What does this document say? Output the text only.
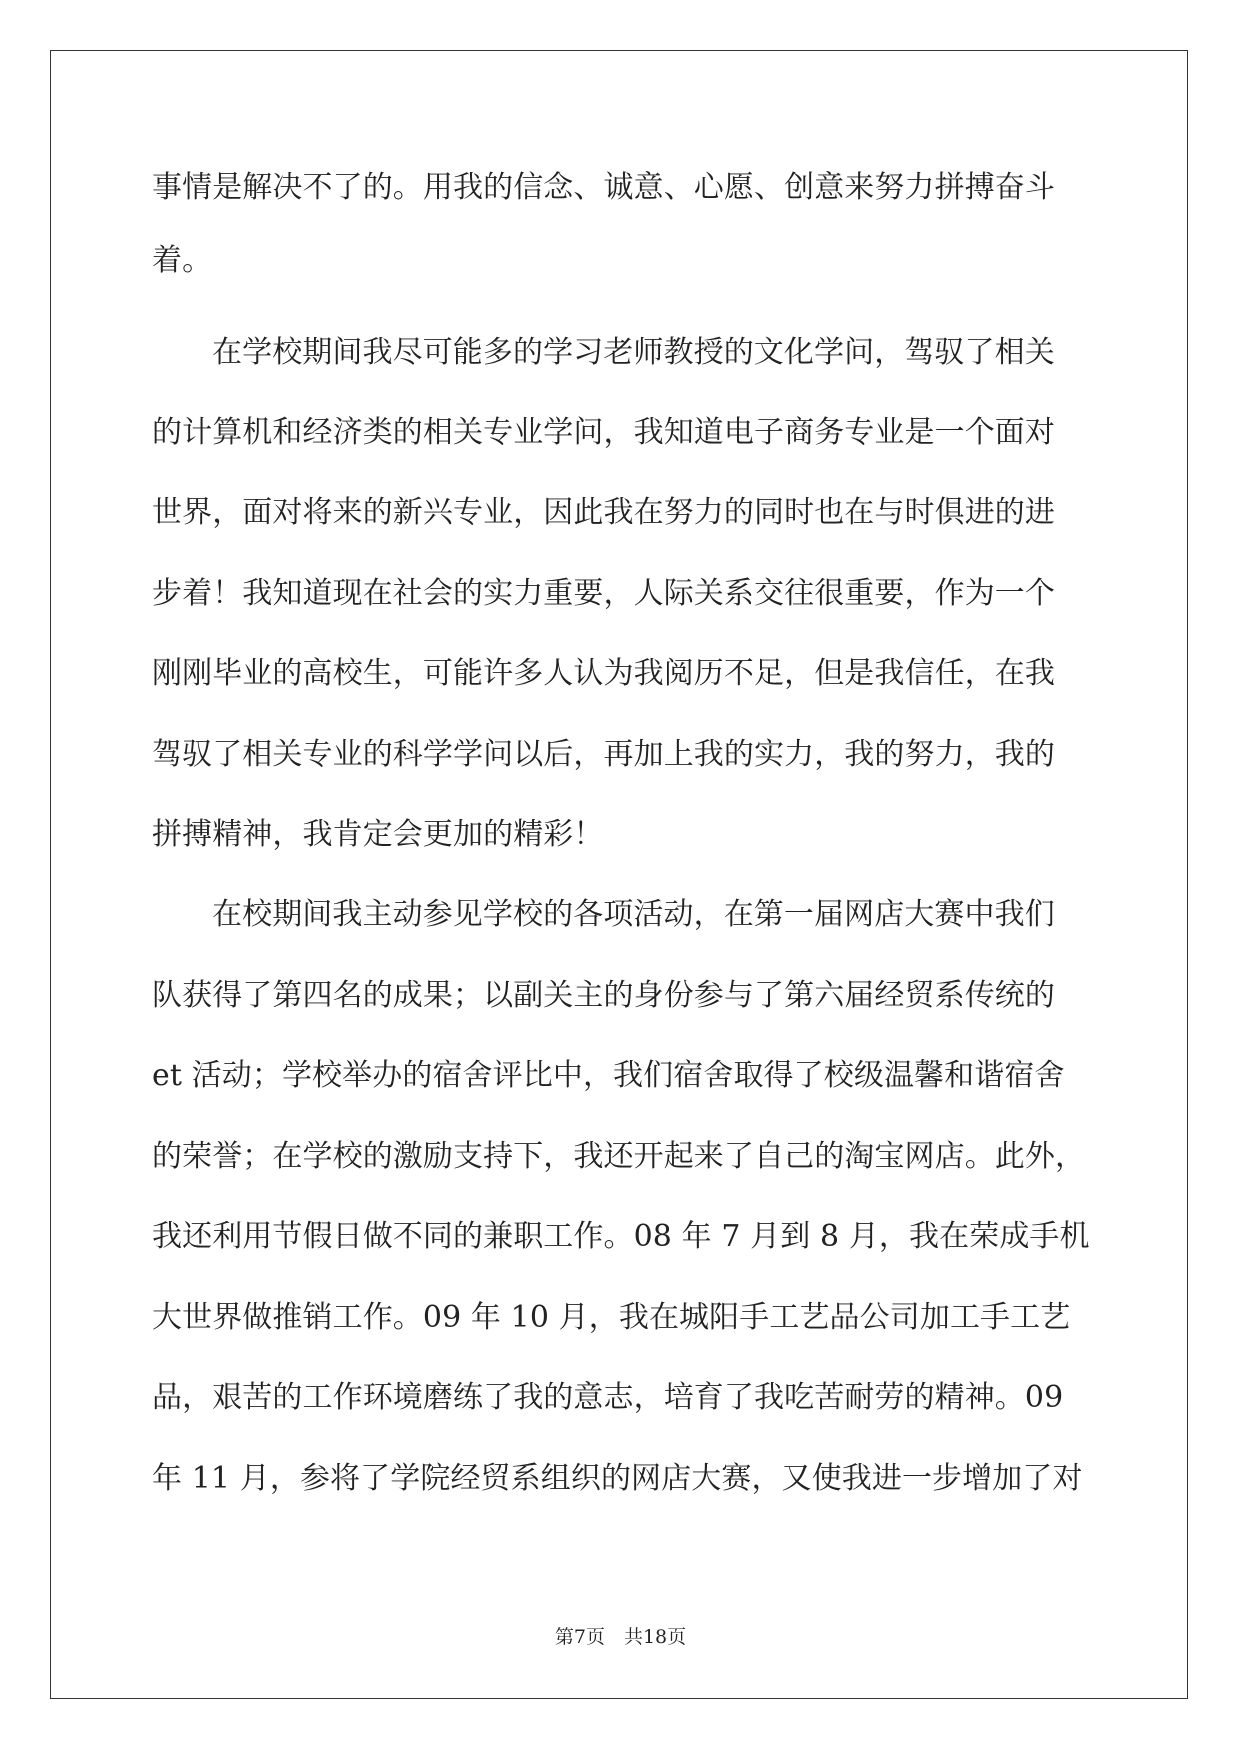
事情是解决不了的。用我的信念、诚意、心愿、创意来努力拼搏奋斗

着。

在学校期间我尽可能多的学习老师教授的文化学问，驾驭了相关

的计算机和经济类的相关专业学问，我知道电子商务专业是一个面对

世界，面对将来的新兴专业，因此我在努力的同时也在与时俱进的进

步着！我知道现在社会的实力重要，人际关系交往很重要，作为一个

刚刚毕业的高校生，可能许多人认为我阅历不足，但是我信任，在我

驾驭了相关专业的科学学问以后，再加上我的实力，我的努力，我的

拼搏精神，我肯定会更加的精彩！

在校期间我主动参见学校的各项活动，在第一届网店大赛中我们

队获得了第四名的成果；以副关主的身份参与了第六届经贸系传统的

et 活动；学校举办的宿舍评比中，我们宿舍取得了校级温馨和谐宿舍

的荣誉；在学校的激励支持下，我还开起来了自己的淘宝网店。此外，

我还利用节假日做不同的兼职工作。08 年 7 月到 8 月，我在荣成手机

大世界做推销工作。09 年 10 月，我在城阳手工艺品公司加工手工艺

品，艰苦的工作环境磨练了我的意志，培育了我吃苦耐劳的精神。09

年 11 月，参将了学院经贸系组织的网店大赛，又使我进一步增加了对

第7页　共18页
